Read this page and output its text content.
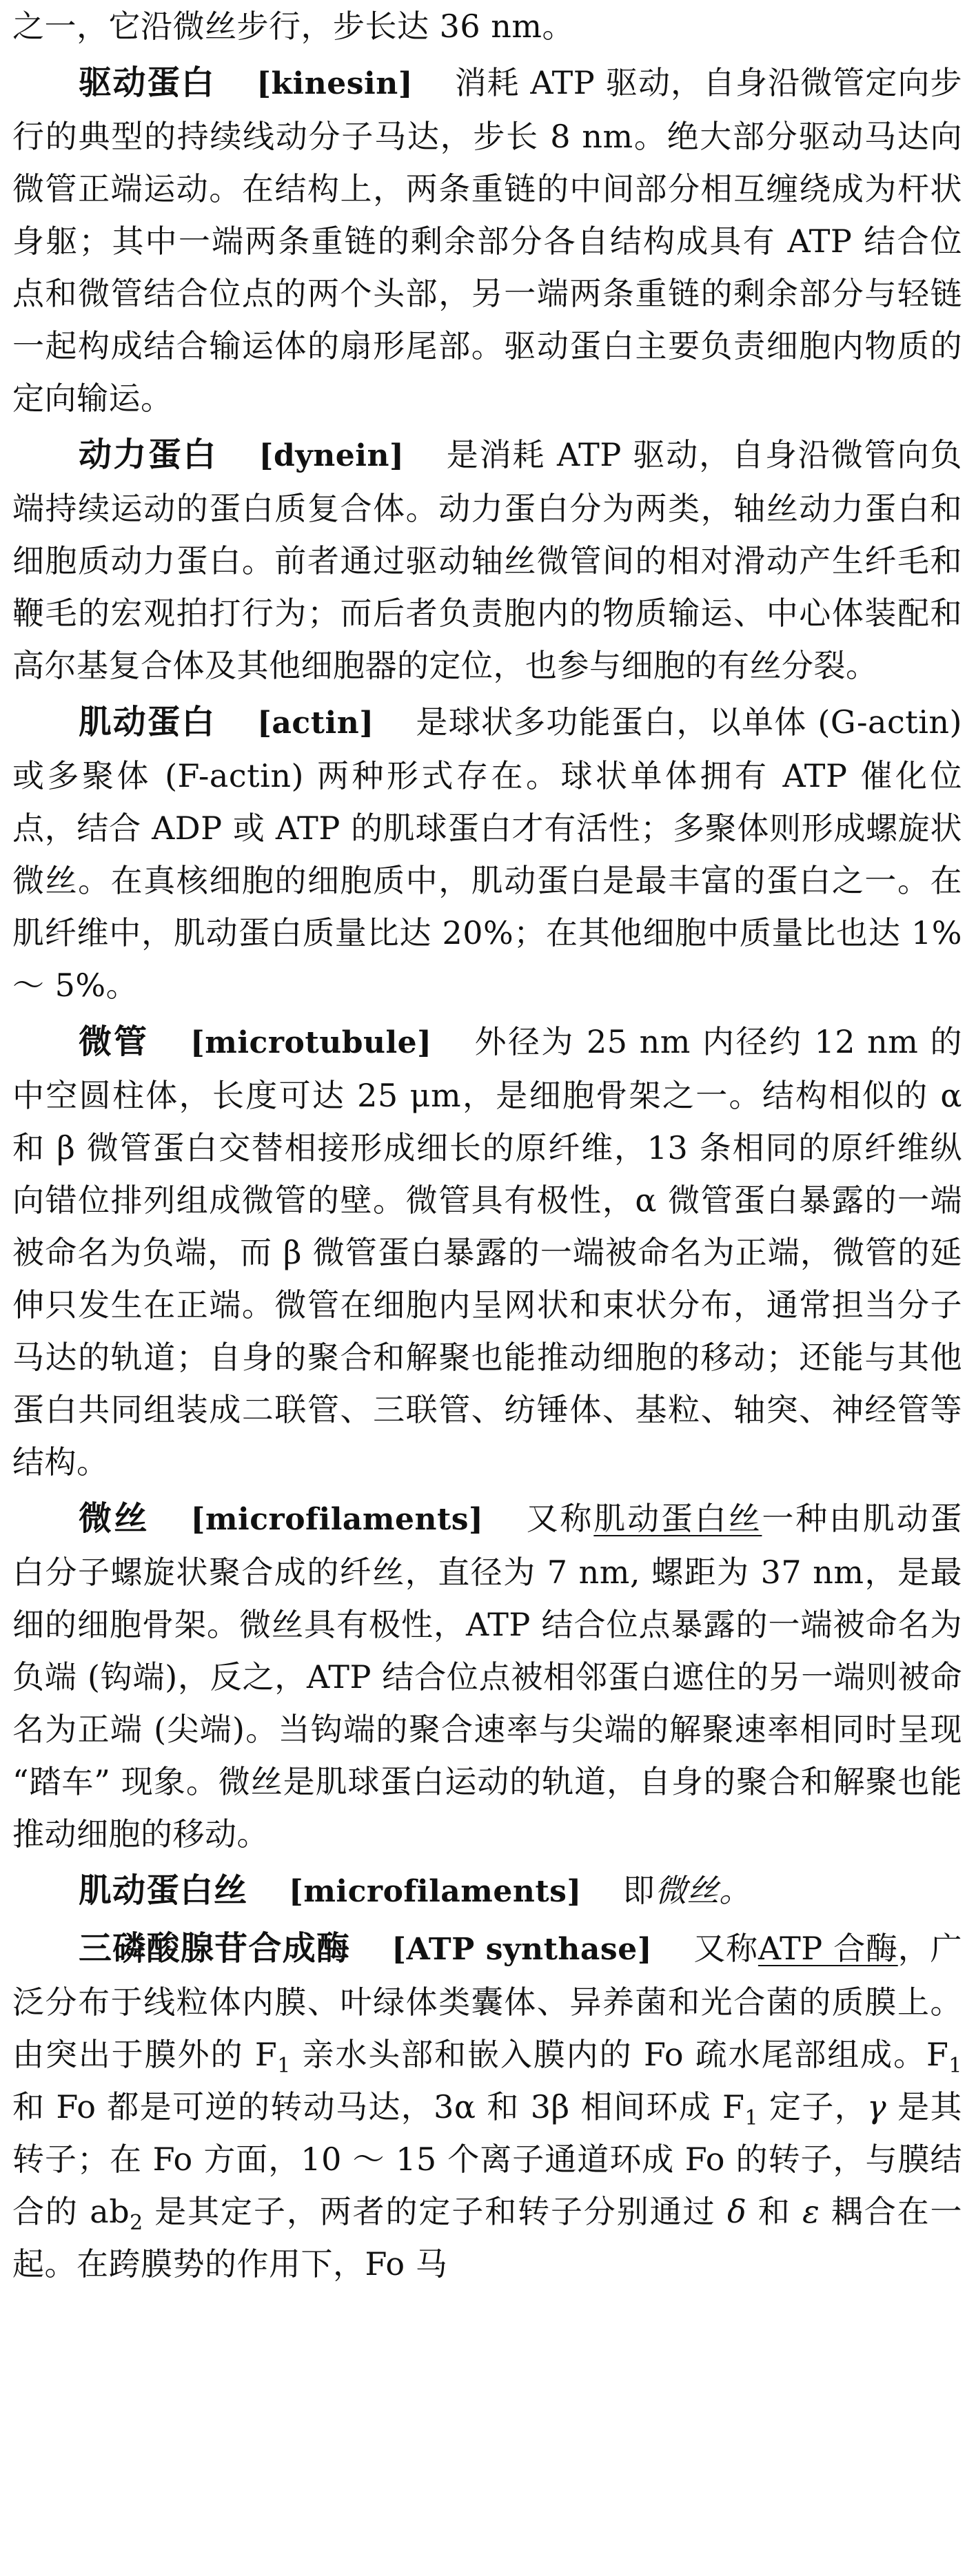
之一，它沿微丝步行，步长达 36 nm。

驱动蛋白 [kinesin] 消耗 ATP 驱动，自身沿微管定向步行的典型的持续线动分子马达，步长 8 nm。绝大部分驱动马达向微管正端运动。在结构上，两条重链的中间部分相互缠绕成为杆状身躯；其中一端两条重链的剩余部分各自结构成具有 ATP 结合位点和微管结合位点的两个头部，另一端两条重链的剩余部分与轻链一起构成结合输运体的扇形尾部。驱动蛋白主要负责细胞内物质的定向输运。

动力蛋白 [dynein] 是消耗 ATP 驱动，自身沿微管向负端持续运动的蛋白质复合体。动力蛋白分为两类，轴丝动力蛋白和细胞质动力蛋白。前者通过驱动轴丝微管间的相对滑动产生纤毛和鞭毛的宏观拍打行为；而后者负责胞内的物质输运、中心体装配和高尔基复合体及其他细胞器的定位，也参与细胞的有丝分裂。

肌动蛋白 [actin] 是球状多功能蛋白，以单体 (G-actin) 或多聚体 (F-actin) 两种形式存在。球状单体拥有 ATP 催化位点，结合 ADP 或 ATP 的肌球蛋白才有活性；多聚体则形成螺旋状微丝。在真核细胞的细胞质中，肌动蛋白是最丰富的蛋白之一。在肌纤维中，肌动蛋白质量比达 20%；在其他细胞中质量比也达 1% ～ 5%。

微管 [microtubule] 外径为 25 nm 内径约 12 nm 的中空圆柱体，长度可达 25 μm，是细胞骨架之一。结构相似的 α 和 β 微管蛋白交替相接形成细长的原纤维，13 条相同的原纤维纵向错位排列组成微管的壁。微管具有极性，α 微管蛋白暴露的一端被命名为负端，而 β 微管蛋白暴露的一端被命名为正端，微管的延伸只发生在正端。微管在细胞内呈网状和束状分布，通常担当分子马达的轨道；自身的聚合和解聚也能推动细胞的移动；还能与其他蛋白共同组装成二联管、三联管、纺锤体、基粒、轴突、神经管等结构。

微丝 [microfilaments] 又称肌动蛋白丝一种由肌动蛋白分子螺旋状聚合成的纤丝，直径为 7 nm, 螺距为 37 nm，是最细的细胞骨架。微丝具有极性，ATP 结合位点暴露的一端被命名为负端 (钩端)，反之，ATP 结合位点被相邻蛋白遮住的另一端则被命名为正端 (尖端)。当钩端的聚合速率与尖端的解聚速率相同时呈现 “踏车” 现象。微丝是肌球蛋白运动的轨道，自身的聚合和解聚也能推动细胞的移动。

肌动蛋白丝 [microfilaments] 即微丝。

三磷酸腺苷合成酶 [ATP synthase] 又称ATP 合酶，广泛分布于线粒体内膜、叶绿体类囊体、异养菌和光合菌的质膜上。由突出于膜外的 $F_1$ 亲水头部和嵌入膜内的 Fo 疏水尾部组成。$F_1$ 和 Fo 都是可逆的转动马达，3α 和 3β 相间环成 $F_1$ 定子，γ 是其转子；在 Fo 方面，10 ～ 15 个离子通道环成 Fo 的转子，与膜结合的 $ab_2$ 是其定子，两者的定子和转子分别通过 δ 和 ε 耦合在一起。在跨膜势的作用下，Fo 马
